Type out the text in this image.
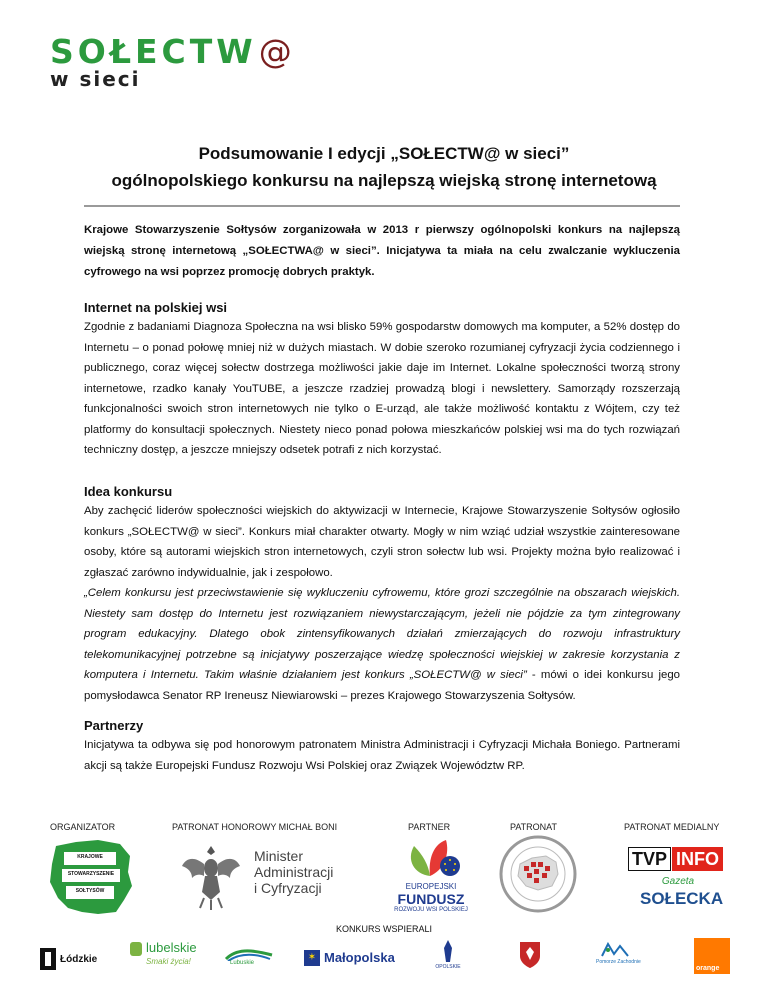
SOŁECTW@
w sieci
Podsumowanie I edycji „SOŁECTW@ w sieci”
ogólnopolskiego konkursu na najlepszą wiejską stronę internetową
Krajowe Stowarzyszenie Sołtysów zorganizowała w 2013 r pierwszy ogólnopolski konkurs na najlepszą wiejską stronę internetową „SOŁECTWA@ w sieci”. Inicjatywa ta miała na celu zwalczanie wykluczenia cyfrowego na wsi poprzez promocję dobrych praktyk.
Internet na polskiej wsi

Zgodnie z badaniami Diagnoza Społeczna na wsi blisko 59% gospodarstw domowych ma komputer, a 52% dostęp do Internetu – o ponad połowę mniej niż w dużych miastach. W dobie szeroko rozumianej cyfryzacji życia codziennego i publicznego, coraz więcej sołectw dostrzega możliwości jakie daje im Internet. Lokalne społeczności tworzą strony internetowe, rzadko kanały YouTUBE, a jeszcze rzadziej prowadzą blogi i newslettery. Samorządy rozszerzają funkcjonalności swoich stron internetowych nie tylko o E-urząd, ale także możliwość kontaktu z Wójtem, czy też platformy do konsultacji społecznych. Niestety nieco ponad połowa mieszkańców polskiej wsi ma do tych rozwiązań techniczny dostęp, a jeszcze mniejszy odsetek potrafi z nich korzystać.

Idea konkursu

Aby zachęcić liderów społeczności wiejskich do aktywizacji w Internecie, Krajowe Stowarzyszenie Sołtysów ogłosiło konkurs „SOŁECTW@ w sieci”. Konkurs miał charakter otwarty. Mogły w nim wziąć udział wszystkie zainteresowane osoby, które są autorami wiejskich stron internetowych, czyli stron sołectw lub wsi. Projekty można było realizować i zgłaszać zarówno indywidualnie, jak i zespołowo.

„Celem konkursu jest przeciwstawienie się wykluczeniu cyfrowemu, które grozi szczególnie na obszarach wiejskich. Niestety sam dostęp do Internetu jest rozwiązaniem niewystarczającym, jeżeli nie pójdzie za tym zintegrowany program edukacyjny. Dlatego obok zintensyfikowanych działań zmierzających do rozwoju infrastruktury telekomunikacyjnej potrzebne są inicjatywy poszerzające wiedzę społeczności wiejskiej w zakresie korzystania z komputera i Internetu. Takim właśnie działaniem jest konkurs „SOŁECTW@ w sieci” - mówi o idei konkursu jego pomysłodawca Senator RP Ireneusz Niewiarowski – prezes Krajowego Stowarzyszenia Sołtysów.

Partnerzy

Inicjatywa ta odbywa się pod honorowym patronatem Ministra Administracji i Cyfryzacji Michała Boniego. Partnerami akcji są także Europejski Fundusz Rozwoju Wsi Polskiej oraz Związek Województw RP.

ORGANIZATOR	PATRONAT HONOROWY MICHAŁ BONI	PARTNER	PATRONAT	PATRONAT MEDIALNY
KRAJOWE
STOWARZYSZENIE
SOŁTYSÓW
Minister
Administracji
i Cyfryzacji	EUROPEJSKI
FUNDUSZ
ROZWOJU WSI POLSKIEJ
TVP INFO
Gazeta
SOŁECKA
KONKURS WSPIERALI
Łódzkie
lubelskie
Smaki życia!	Lubuskie	✶ Małopolska
OPOLSKIE
Pomorze Zachodnie
orange
